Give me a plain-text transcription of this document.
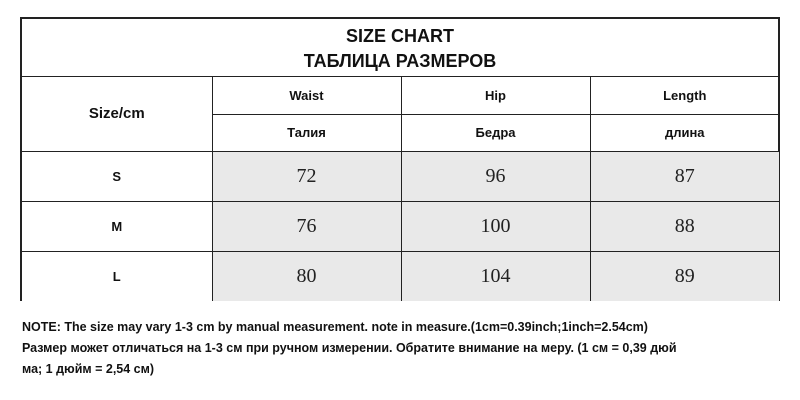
SIZE CHART
ТАБЛИЦА РАЗМЕРОВ
Size/cm	Waist	Hip	Length
	Талия	Бедра	длина
S	72	96	87
M	76	100	88
L	80	104	89
NOTE: The size may vary 1-3 cm by manual measurement. note in measure.(1cm=0.39inch;1inch=2.54cm)
Размер может отличаться на 1-3 см при ручном измерении. Обратите внимание на меру. (1 см = 0,39 дюй
ма; 1 дюйм = 2,54 см)
